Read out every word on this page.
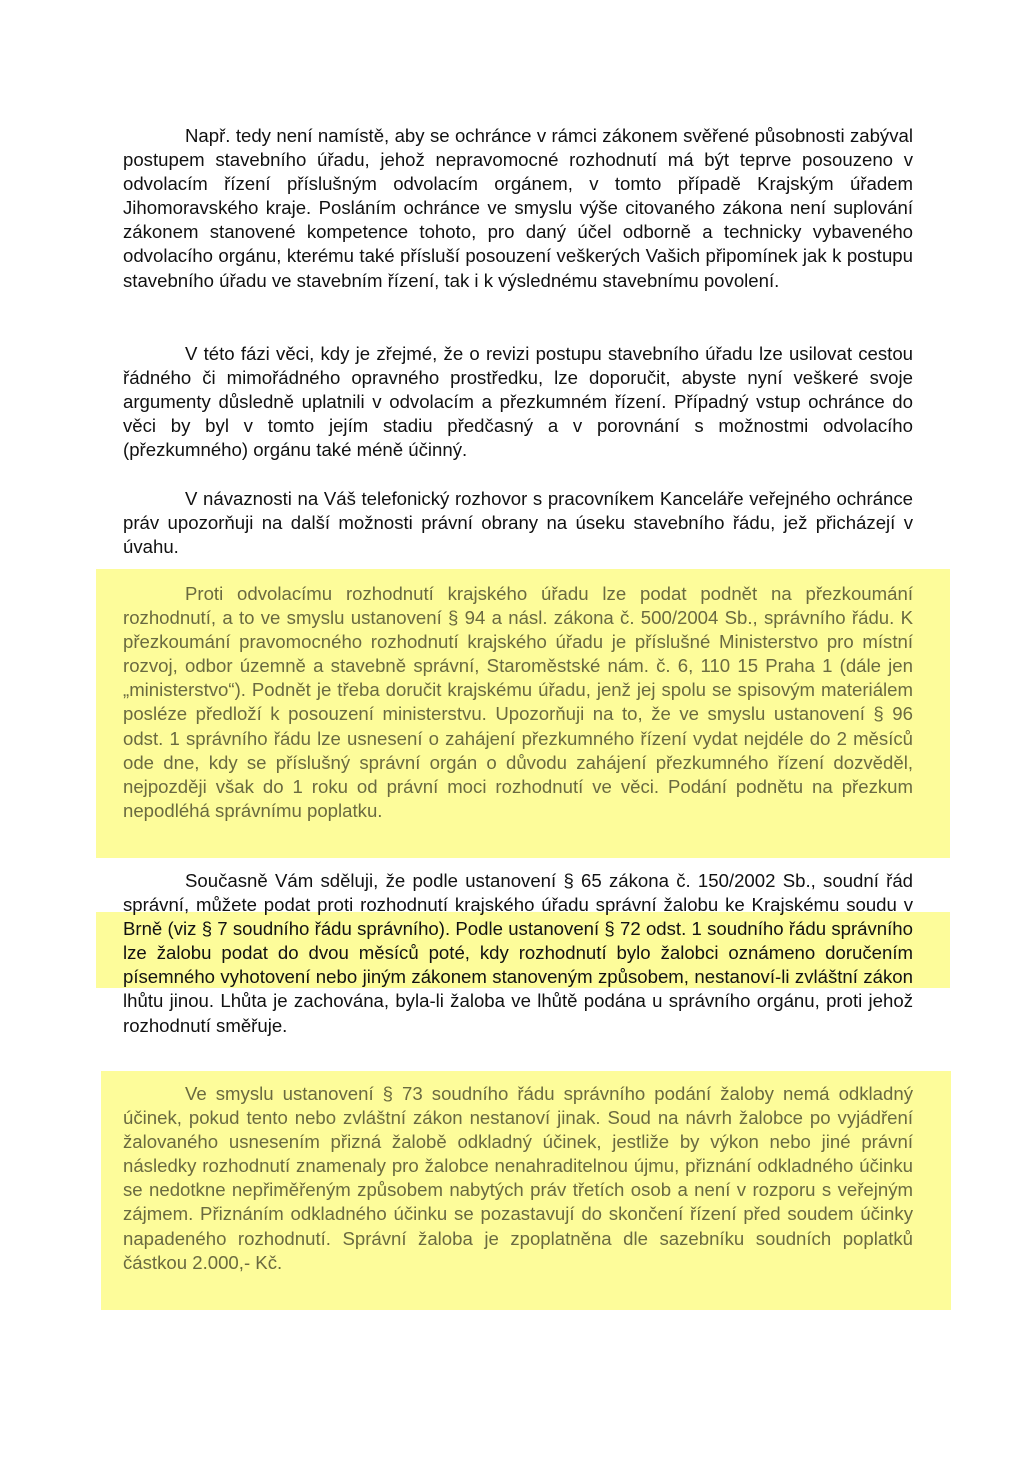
Např. tedy není namístě, aby se ochránce v rámci zákonem svěřené působnosti zabýval postupem stavebního úřadu, jehož nepravomocné rozhodnutí má být teprve posouzeno v odvolacím řízení příslušným odvolacím orgánem, v tomto případě Krajským úřadem Jihomoravského kraje. Posláním ochránce ve smyslu výše citovaného zákona není suplování zákonem stanovené kompetence tohoto, pro daný účel odborně a technicky vybaveného odvolacího orgánu, kterému také přísluší posouzení veškerých Vašich připomínek jak k postupu stavebního úřadu ve stavebním řízení, tak i k výslednému stavebnímu povolení.

V této fázi věci, kdy je zřejmé, že o revizi postupu stavebního úřadu lze usilovat cestou řádného či mimořádného opravného prostředku, lze doporučit, abyste nyní veškeré svoje argumenty důsledně uplatnili v odvolacím a přezkumném řízení. Případný vstup ochránce do věci by byl v tomto jejím stadiu předčasný a v porovnání s možnostmi odvolacího (přezkumného) orgánu také méně účinný.

V návaznosti na Váš telefonický rozhovor s pracovníkem Kanceláře veřejného ochránce práv upozorňuji na další možnosti právní obrany na úseku stavebního řádu, jež přicházejí v úvahu.

Proti odvolacímu rozhodnutí krajského úřadu lze podat podnět na přezkoumání rozhodnutí, a to ve smyslu ustanovení § 94 a násl. zákona č. 500/2004 Sb., správního řádu. K přezkoumání pravomocného rozhodnutí krajského úřadu je příslušné Ministerstvo pro místní rozvoj, odbor územně a stavebně správní, Staroměstské nám. č. 6, 110 15 Praha 1 (dále jen „ministerstvo“). Podnět je třeba doručit krajskému úřadu, jenž jej spolu se spisovým materiálem posléze předloží k posouzení ministerstvu. Upozorňuji na to, že ve smyslu ustanovení § 96 odst. 1 správního řádu lze usnesení o zahájení přezkumného řízení vydat nejdéle do 2 měsíců ode dne, kdy se příslušný správní orgán o důvodu zahájení přezkumného řízení dozvěděl, nejpozději však do 1 roku od právní moci rozhodnutí ve věci. Podání podnětu na přezkum nepodléhá správnímu poplatku.

Současně Vám sděluji, že podle ustanovení § 65 zákona č. 150/2002 Sb., soudní řád správní, můžete podat proti rozhodnutí krajského úřadu správní žalobu ke Krajskému soudu v Brně (viz § 7 soudního řádu správního). Podle ustanovení § 72 odst. 1 soudního řádu správního lze žalobu podat do dvou měsíců poté, kdy rozhodnutí bylo žalobci oznámeno doručením písemného vyhotovení nebo jiným zákonem stanoveným způsobem, nestanoví-li zvláštní zákon lhůtu jinou. Lhůta je zachována, byla-li žaloba ve lhůtě podána u správního orgánu, proti jehož rozhodnutí směřuje.

Ve smyslu ustanovení § 73 soudního řádu správního podání žaloby nemá odkladný účinek, pokud tento nebo zvláštní zákon nestanoví jinak. Soud na návrh žalobce po vyjádření žalovaného usnesením přizná žalobě odkladný účinek, jestliže by výkon nebo jiné právní následky rozhodnutí znamenaly pro žalobce nenahraditelnou újmu, přiznání odkladného účinku se nedotkne nepřiměřeným způsobem nabytých práv třetích osob a není v rozporu s veřejným zájmem. Přiznáním odkladného účinku se pozastavují do skončení řízení před soudem účinky napadeného rozhodnutí. Správní žaloba je zpoplatněna dle sazebníku soudních poplatků částkou 2.000,- Kč.
